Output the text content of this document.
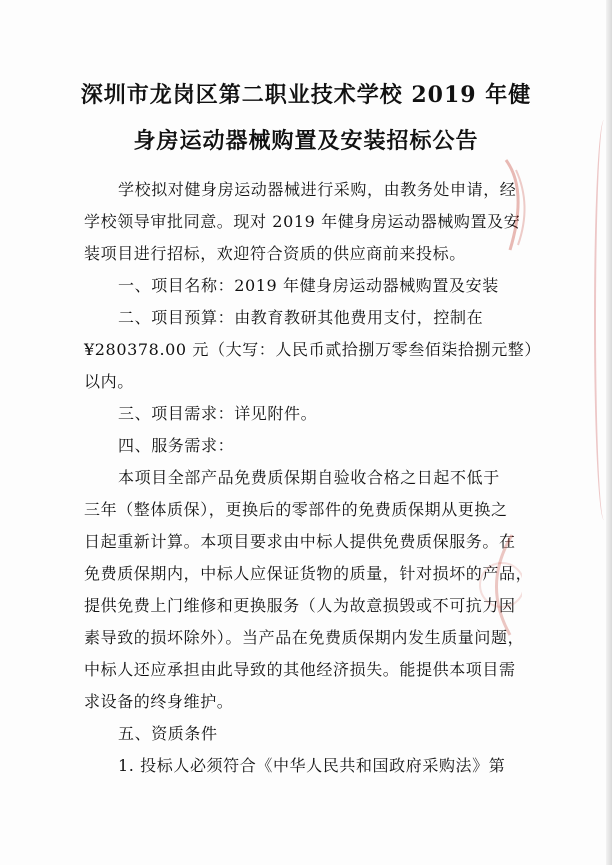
深圳市龙岗区第二职业技术学校 2019 年健
身房运动器械购置及安装招标公告
学校拟对健身房运动器械进行采购，由教务处申请，经
学校领导审批同意。现对 2019 年健身房运动器械购置及安
装项目进行招标，欢迎符合资质的供应商前来投标。
一、项目名称：2019 年健身房运动器械购置及安装
二、项目预算：由教育教研其他费用支付，控制在
¥280378.00 元（大写：人民币贰拾捌万零叁佰柒拾捌元整）
以内。
三、项目需求：详见附件。
四、服务需求：
本项目全部产品免费质保期自验收合格之日起不低于
三年（整体质保），更换后的零部件的免费质保期从更换之
日起重新计算。本项目要求由中标人提供免费质保服务。在
免费质保期内，中标人应保证货物的质量，针对损坏的产品，
提供免费上门维修和更换服务（人为故意损毁或不可抗力因
素导致的损坏除外）。当产品在免费质保期内发生质量问题，
中标人还应承担由此导致的其他经济损失。能提供本项目需
求设备的终身维护。
五、资质条件
1. 投标人必须符合《中华人民共和国政府采购法》第
